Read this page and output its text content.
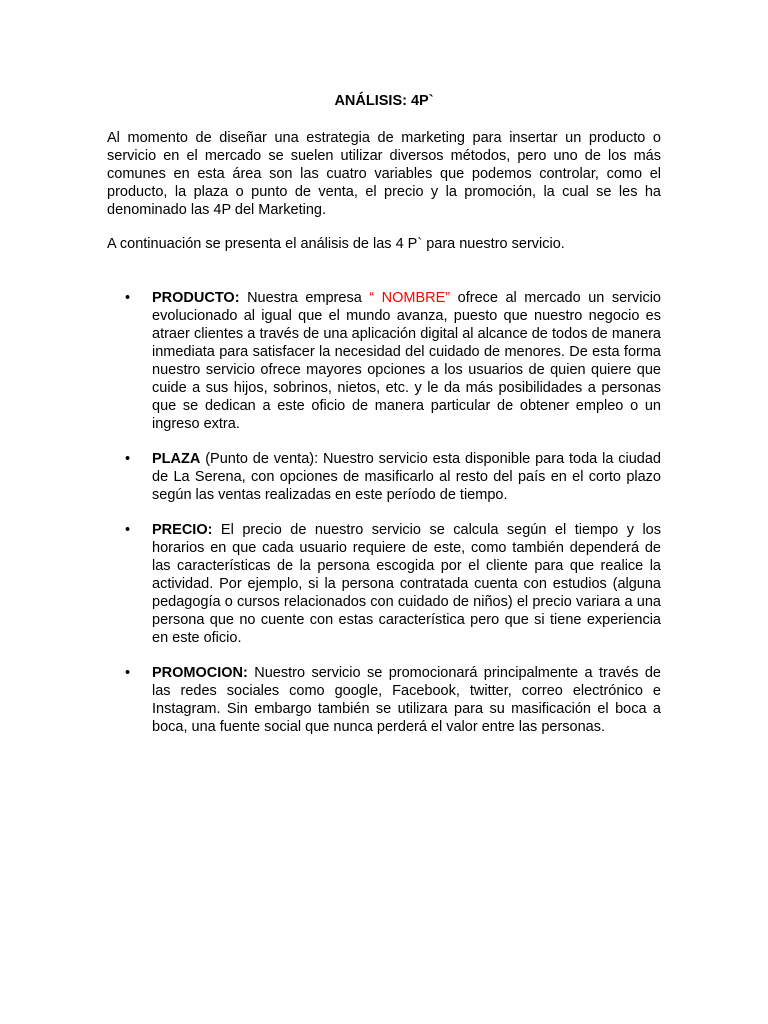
ANÁLISIS: 4P`

Al momento de diseñar una estrategia de marketing para insertar un producto o servicio en el mercado se suelen utilizar diversos métodos, pero uno de los más comunes en esta área son las cuatro variables que podemos controlar, como el producto, la plaza o punto de venta, el precio y la promoción, la cual se les ha denominado las 4P del Marketing.

A continuación se presenta el análisis de las 4 P` para nuestro servicio.

• PRODUCTO: Nuestra empresa “ NOMBRE” ofrece al mercado un servicio evolucionado al igual que el mundo avanza, puesto que nuestro negocio es atraer clientes a través de una aplicación digital al alcance de todos de manera inmediata para satisfacer la necesidad del cuidado de menores. De esta forma nuestro servicio ofrece mayores opciones a los usuarios de quien quiere que cuide a sus hijos, sobrinos, nietos, etc. y le da más posibilidades a personas que se dedican a este oficio de manera particular de obtener empleo o un ingreso extra.
• PLAZA (Punto de venta): Nuestro servicio esta disponible para toda la ciudad de La Serena, con opciones de masificarlo al resto del país en el corto plazo según las ventas realizadas en este período de tiempo.
• PRECIO: El precio de nuestro servicio se calcula según el tiempo y los horarios en que cada usuario requiere de este, como también dependerá de las características de la persona escogida por el cliente para que realice la actividad. Por ejemplo, si la persona contratada cuenta con estudios (alguna pedagogía o cursos relacionados con cuidado de niños) el precio variara a una persona que no cuente con estas característica pero que si tiene experiencia en este oficio.
• PROMOCION: Nuestro servicio se promocionará principalmente a través de las redes sociales como google, Facebook, twitter, correo electrónico e Instagram. Sin embargo también se utilizara para su masificación el boca a boca, una fuente social que nunca perderá el valor entre las personas.
